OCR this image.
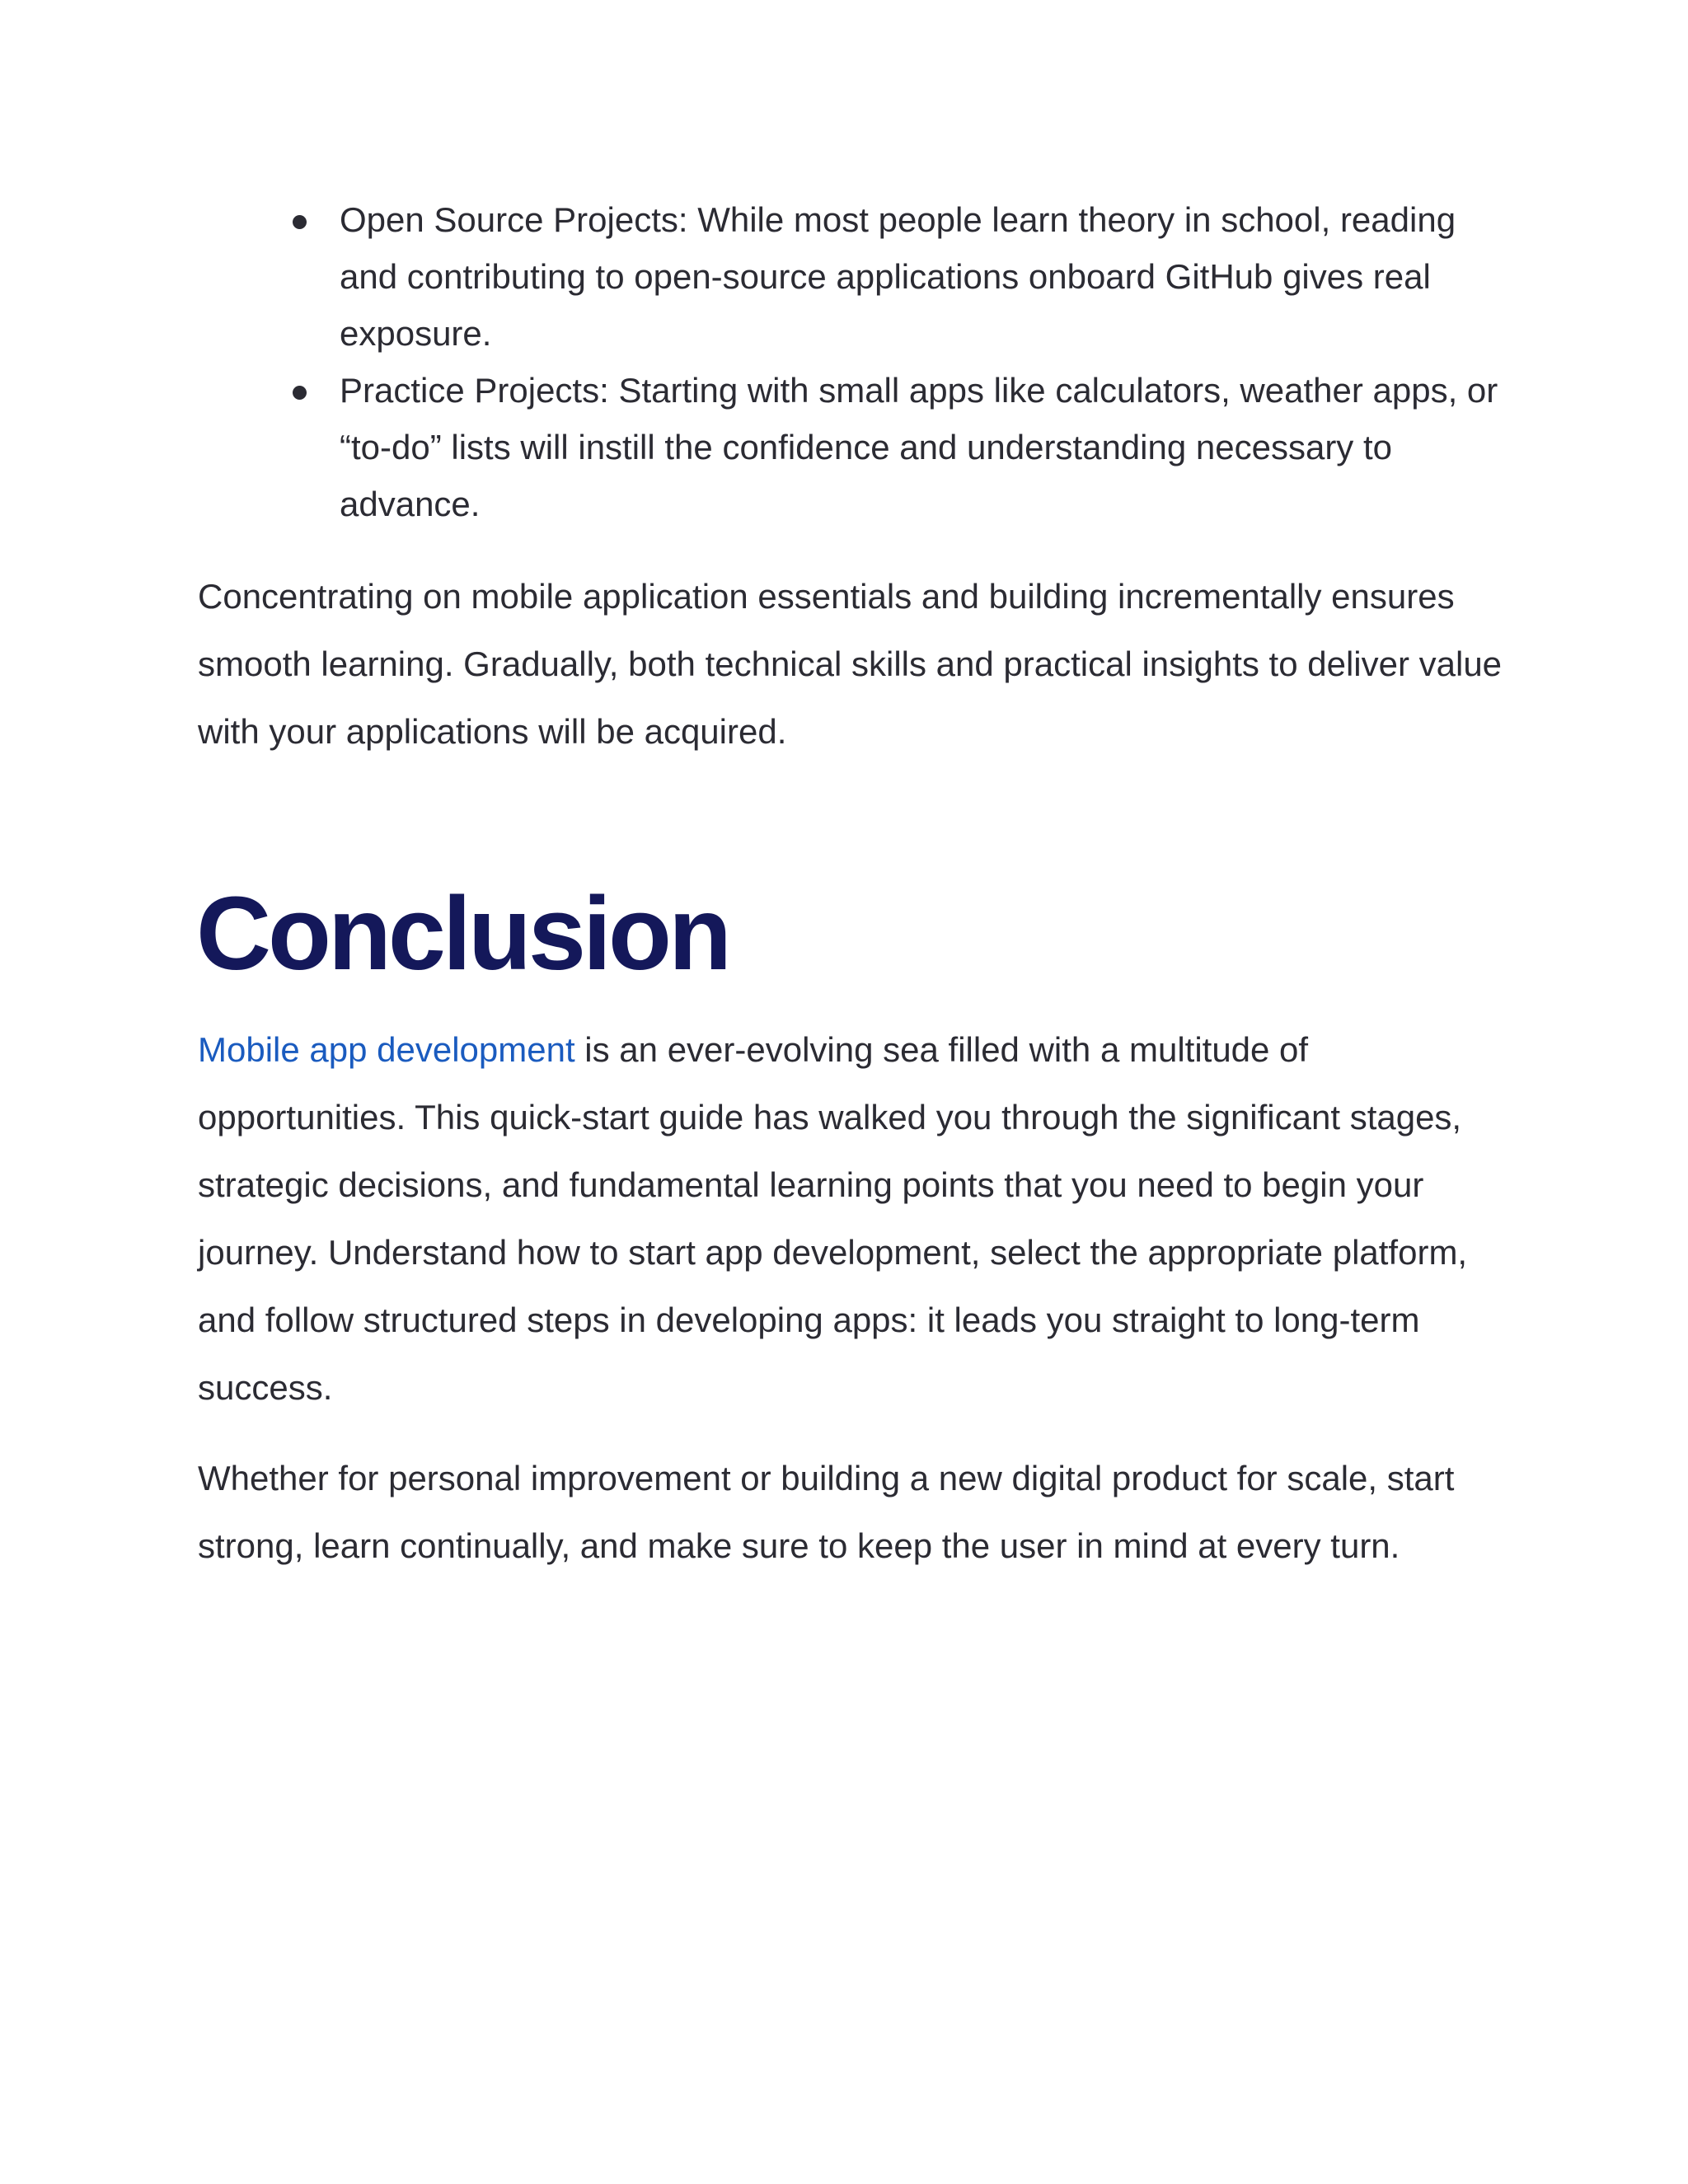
Open Source Projects: While most people learn theory in school, reading and contributing to open-source applications onboard GitHub gives real exposure.
Practice Projects: Starting with small apps like calculators, weather apps, or “to-do” lists will instill the confidence and understanding necessary to advance.

Concentrating on mobile application essentials and building incrementally ensures smooth learning. Gradually, both technical skills and practical insights to deliver value with your applications will be acquired.

Conclusion

Mobile app development is an ever-evolving sea filled with a multitude of opportunities. This quick-start guide has walked you through the significant stages, strategic decisions, and fundamental learning points that you need to begin your journey. Understand how to start app development, select the appropriate platform, and follow structured steps in developing apps: it leads you straight to long-term success.

Whether for personal improvement or building a new digital product for scale, start strong, learn continually, and make sure to keep the user in mind at every turn.
